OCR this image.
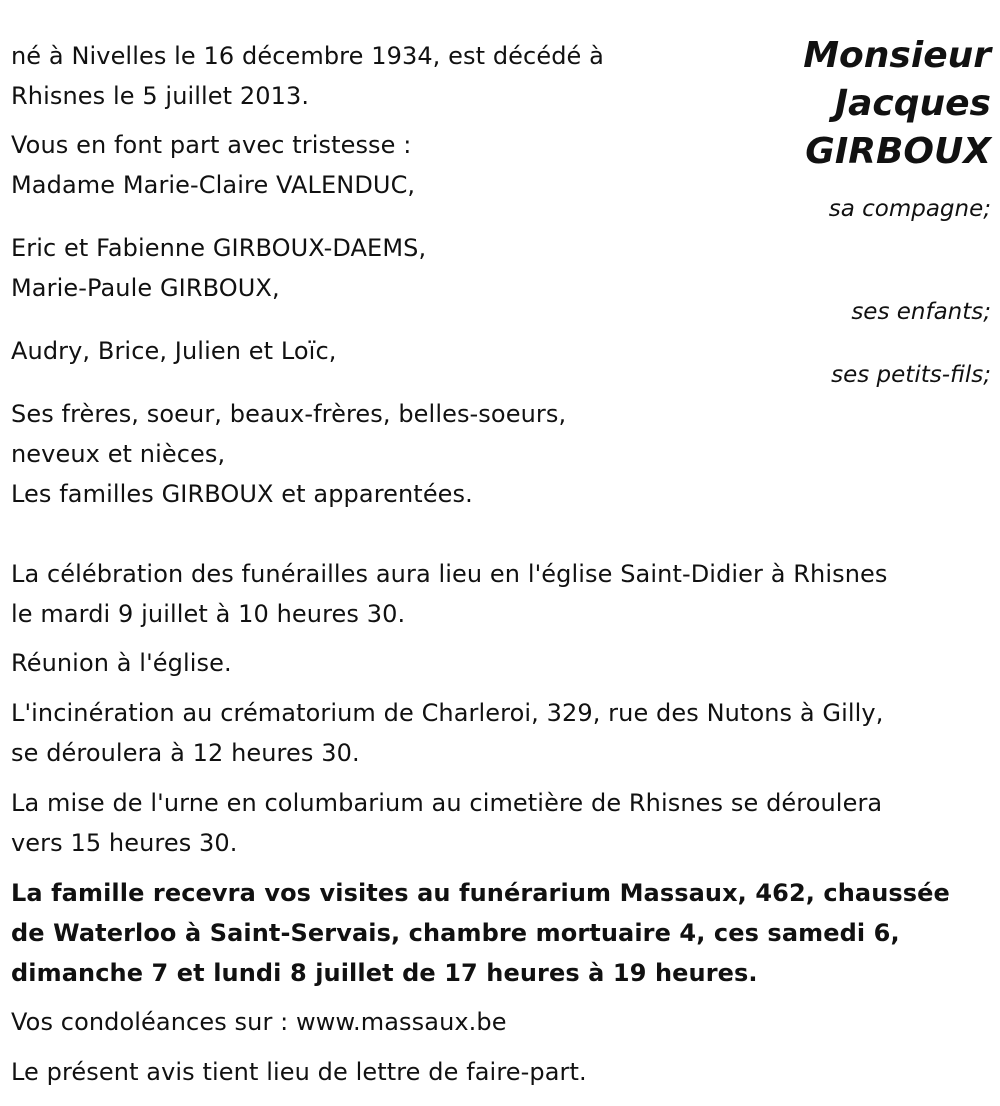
Monsieur
Jacques
GIRBOUX
sa compagne;
ses enfants;
ses petits-fils;
né à Nivelles le 16 décembre 1934, est décédé à
Rhisnes le 5 juillet 2013.
Vous en font part avec tristesse :
Madame Marie-Claire VALENDUC,
Eric et Fabienne GIRBOUX-DAEMS,
Marie-Paule GIRBOUX,
Audry, Brice, Julien et Loïc,
Ses frères, soeur, beaux-frères, belles-soeurs,
neveux et nièces,
Les familles GIRBOUX et apparentées.
La célébration des funérailles aura lieu en l'église Saint-Didier à Rhisnes
le mardi 9 juillet à 10 heures 30.
Réunion à l'église.
L'incinération au crématorium de Charleroi, 329, rue des Nutons à Gilly,
se déroulera à 12 heures 30.
La mise de l'urne en columbarium au cimetière de Rhisnes se déroulera
vers 15 heures 30.
La famille recevra vos visites au funérarium Massaux, 462, chaussée
de Waterloo à Saint-Servais, chambre mortuaire 4, ces samedi 6,
dimanche 7 et lundi 8 juillet de 17 heures à 19 heures.
Vos condoléances sur : www.massaux.be
Le présent avis tient lieu de lettre de faire-part.
